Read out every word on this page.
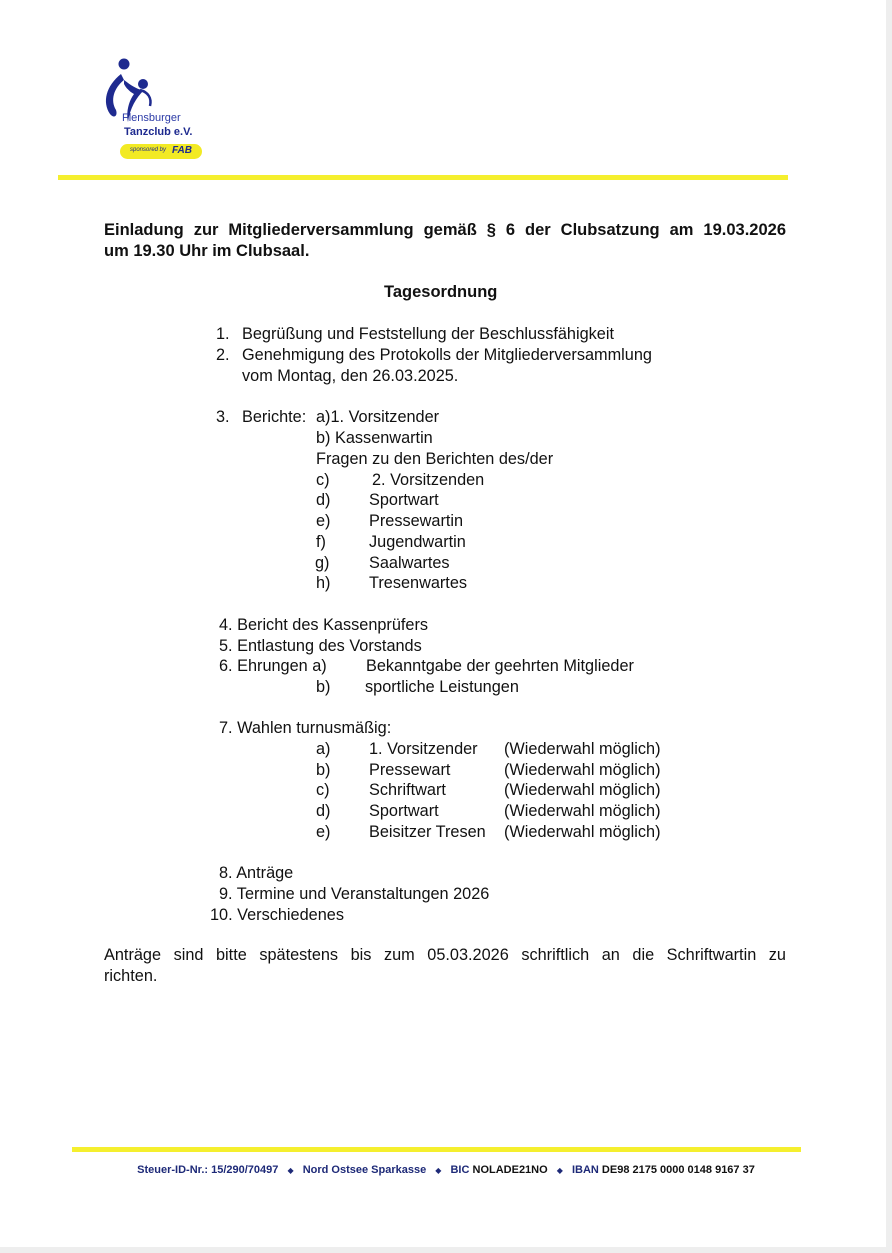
Flensburger
Tanzclub e.V.
sponsored by FAB
Einladung zur Mitgliederversammlung gemäß § 6 der Clubsatzung am 19.03.2026
um 19.30 Uhr im Clubsaal.
Tagesordnung
1. Begrüßung und Feststellung der Beschlussfähigkeit
2. Genehmigung des Protokolls der Mitgliederversammlung
vom Montag, den 26.03.2025.
3. Berichte: a)1. Vorsitzender
b) Kassenwartin
Fragen zu den Berichten des/der
c)	2. Vorsitzenden
d) Sportwart
e) Pressewartin
f)	Jugendwartin
g) Saalwartes
h) Tresenwartes
4. Bericht des Kassenprüfers
5. Entlastung des Vorstands
6. Ehrungen a) Bekanntgabe der geehrten Mitglieder
b) sportliche Leistungen
7. Wahlen turnusmäßig:
a) 1. Vorsitzender (Wiederwahl möglich)
b) Pressewart	(Wiederwahl möglich)
c) Schriftwart	(Wiederwahl möglich)
d) Sportwart	(Wiederwahl möglich)
e) Beisitzer Tresen (Wiederwahl möglich)
8. Anträge
9. Termine und Veranstaltungen 2026
10. Verschiedenes
Anträge sind bitte spätestens bis zum 05.03.2026 schriftlich an die Schriftwartin zu
richten.
Steuer-ID-Nr.: 15/290/70497 ◆ Nord Ostsee Sparkasse ◆ BIC NOLADE21NO ◆ IBAN DE98 2175 0000 0148 9167 37
